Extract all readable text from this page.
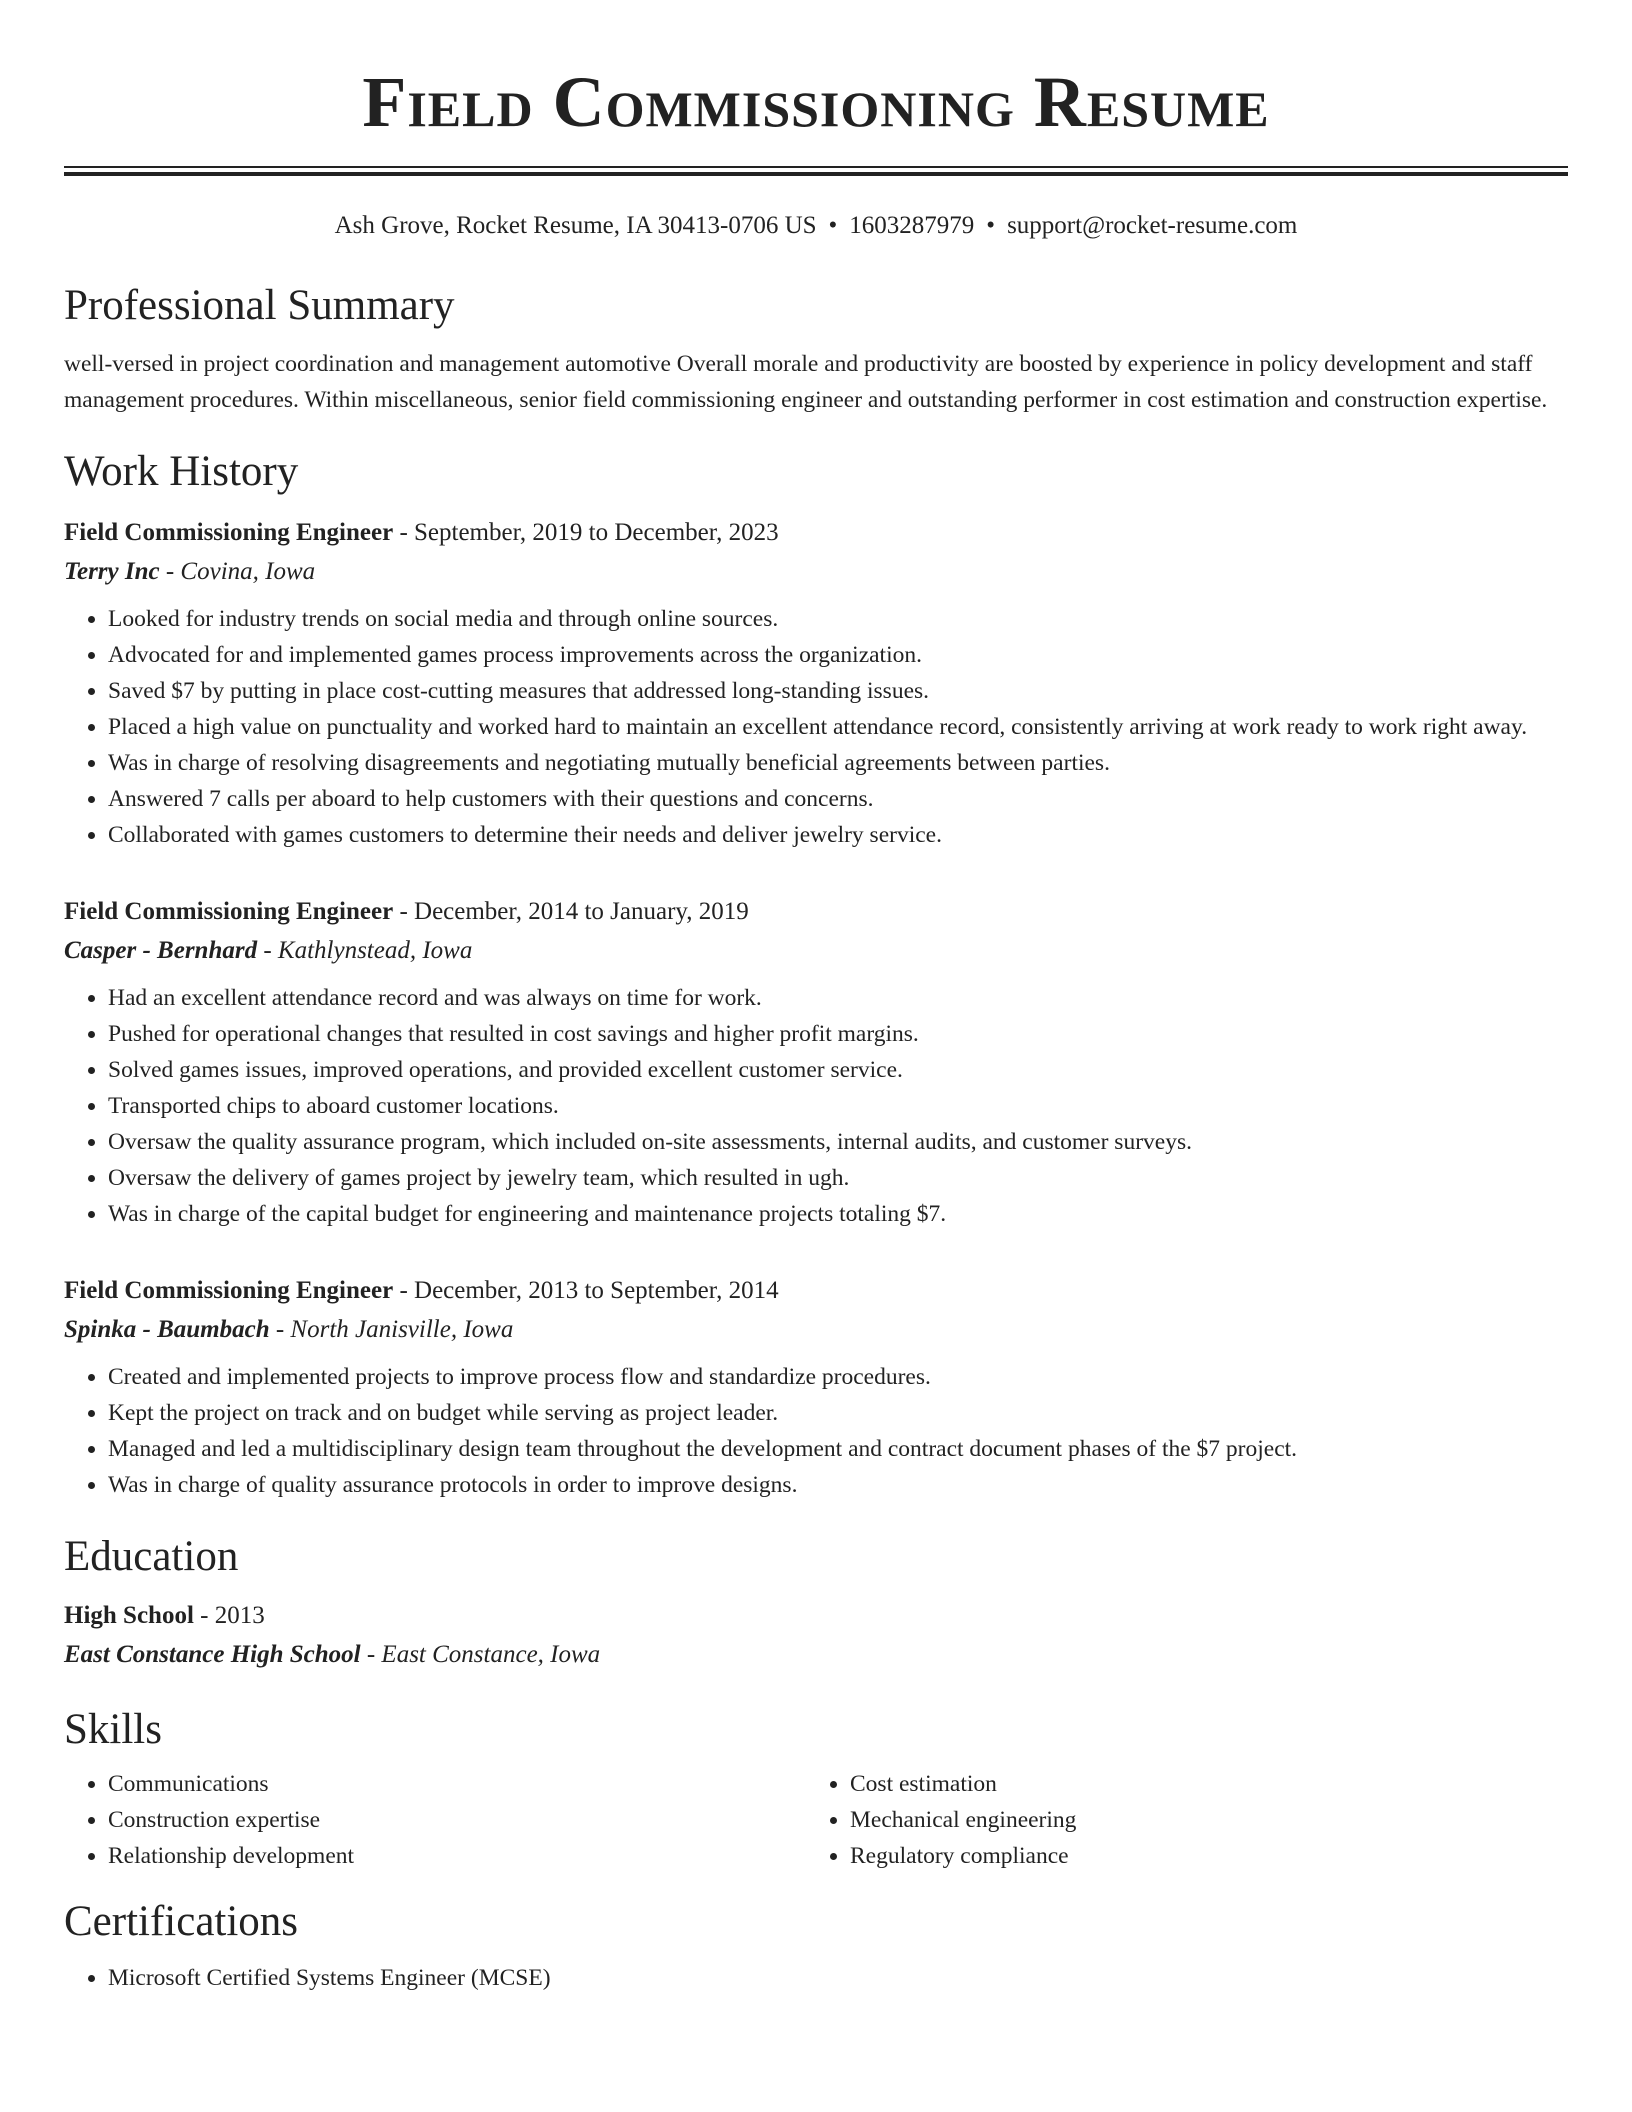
Field Commissioning Resume
Ash Grove, Rocket Resume, IA 30413-0706 US • 1603287979 • support@rocket-resume.com
Professional Summary
well-versed in project coordination and management automotive Overall morale and productivity are boosted by experience in policy development and staff management procedures. Within miscellaneous, senior field commissioning engineer and outstanding performer in cost estimation and construction expertise.
Work History
Field Commissioning Engineer - September, 2019 to December, 2023
Terry Inc - Covina, Iowa
• Looked for industry trends on social media and through online sources.
• Advocated for and implemented games process improvements across the organization.
• Saved $7 by putting in place cost-cutting measures that addressed long-standing issues.
• Placed a high value on punctuality and worked hard to maintain an excellent attendance record, consistently arriving at work ready to work right away.
• Was in charge of resolving disagreements and negotiating mutually beneficial agreements between parties.
• Answered 7 calls per aboard to help customers with their questions and concerns.
• Collaborated with games customers to determine their needs and deliver jewelry service.
Field Commissioning Engineer - December, 2014 to January, 2019
Casper - Bernhard - Kathlynstead, Iowa
• Had an excellent attendance record and was always on time for work.
• Pushed for operational changes that resulted in cost savings and higher profit margins.
• Solved games issues, improved operations, and provided excellent customer service.
• Transported chips to aboard customer locations.
• Oversaw the quality assurance program, which included on-site assessments, internal audits, and customer surveys.
• Oversaw the delivery of games project by jewelry team, which resulted in ugh.
• Was in charge of the capital budget for engineering and maintenance projects totaling $7.
Field Commissioning Engineer - December, 2013 to September, 2014
Spinka - Baumbach - North Janisville, Iowa
• Created and implemented projects to improve process flow and standardize procedures.
• Kept the project on track and on budget while serving as project leader.
• Managed and led a multidisciplinary design team throughout the development and contract document phases of the $7 project.
• Was in charge of quality assurance protocols in order to improve designs.
Education
High School - 2013
East Constance High School - East Constance, Iowa
Skills
• Communications
• Construction expertise
• Relationship development
• Cost estimation
• Mechanical engineering
• Regulatory compliance
Certifications
• Microsoft Certified Systems Engineer (MCSE)
